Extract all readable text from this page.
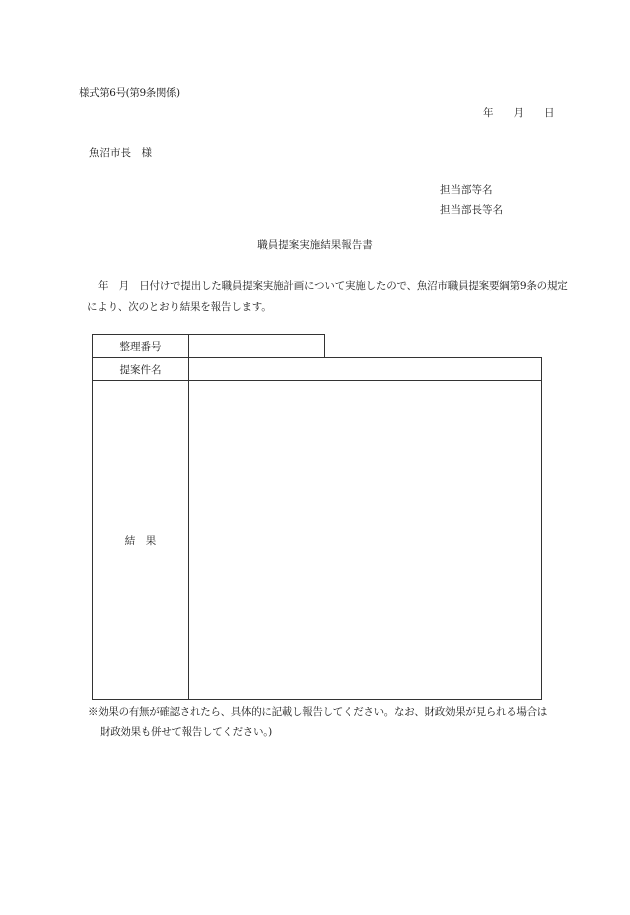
様式第6号(第9条関係)
年 月 日
魚沼市長　様
担当部等名
担当部長等名
職員提案実施結果報告書
年　月　日付けで提出した職員提案実施計画について実施したので、魚沼市職員提案要綱第9条の規定により、次のとおり結果を報告します。
整理番号
提案件名
結　果
※効果の有無が確認されたら、具体的に記載し報告してください。なお、財政効果が見られる場合は
財政効果も併せて報告してください。)
